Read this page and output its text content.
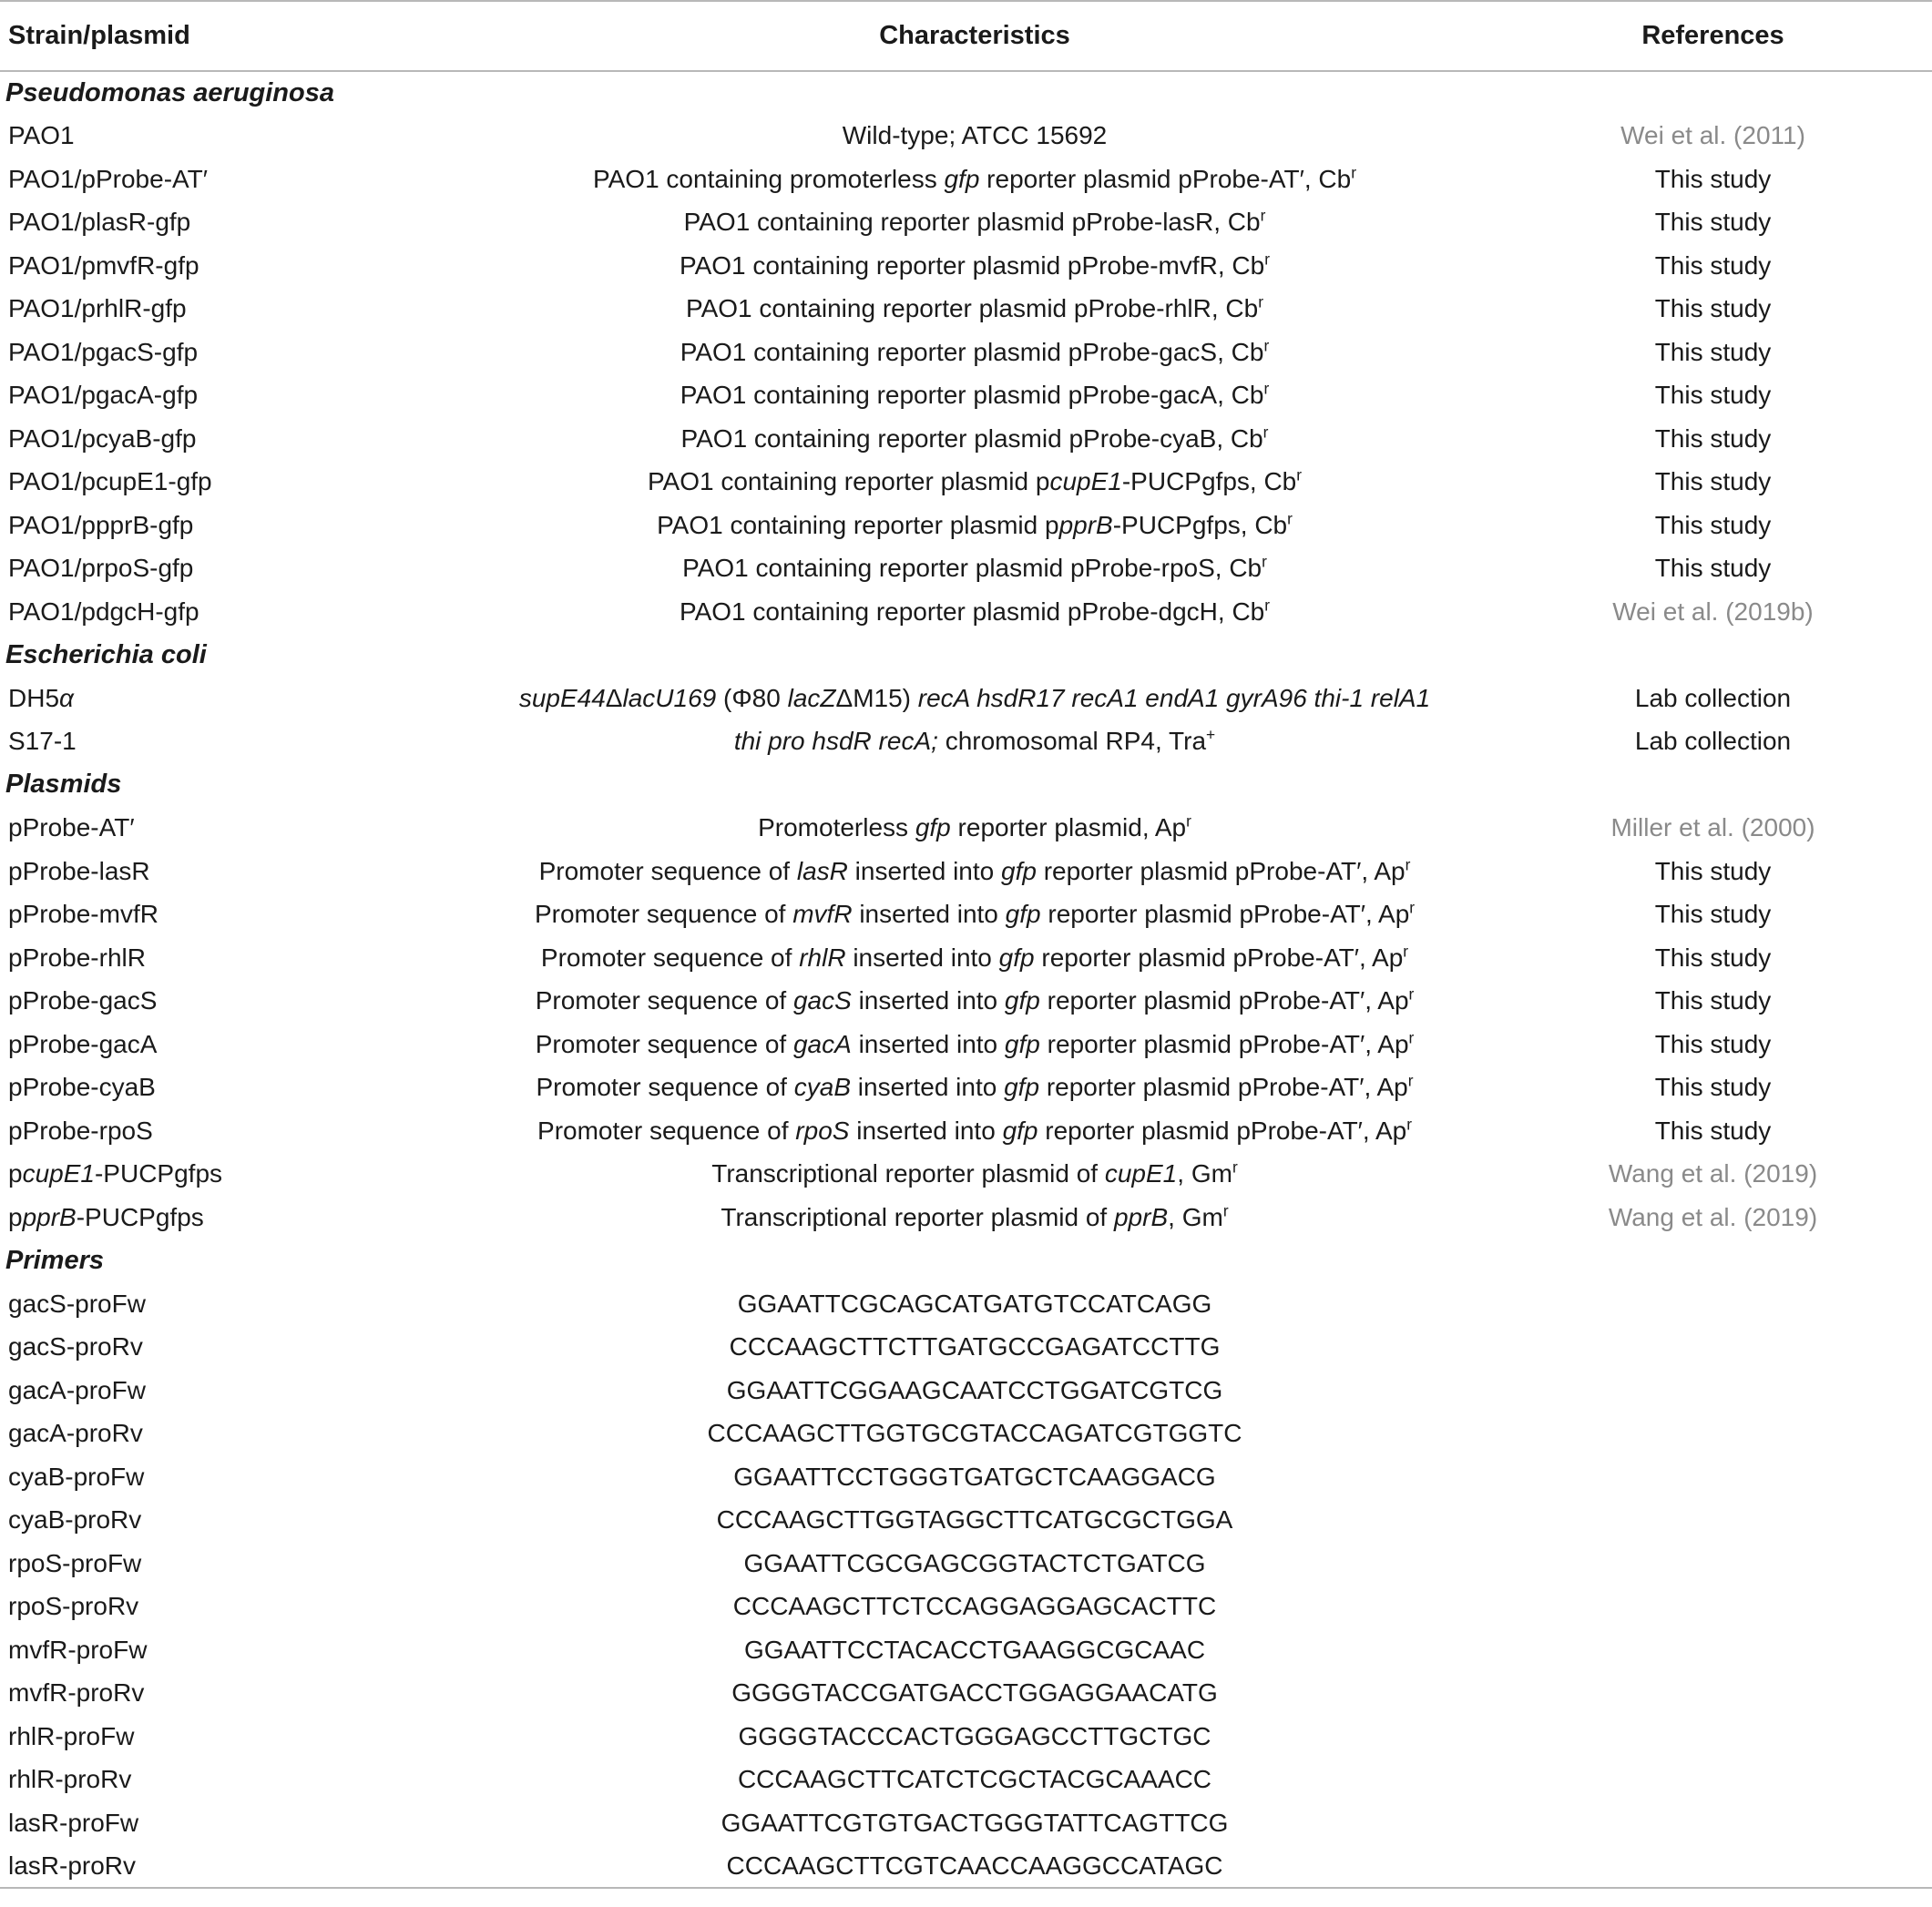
Strain/plasmid	Characteristics	References
Pseudomonas aeruginosa		
PAO1	Wild-type; ATCC 15692	Wei et al. (2011)
PAO1/pProbe-AT′	PAO1 containing promoterless gfp reporter plasmid pProbe-AT′, Cb$^r$	This study
PAO1/plasR-gfp	PAO1 containing reporter plasmid pProbe-lasR, Cb$^r$	This study
PAO1/pmvfR-gfp	PAO1 containing reporter plasmid pProbe-mvfR, Cb$^r$	This study
PAO1/prhlR-gfp	PAO1 containing reporter plasmid pProbe-rhlR, Cb$^r$	This study
PAO1/pgacS-gfp	PAO1 containing reporter plasmid pProbe-gacS, Cb$^r$	This study
PAO1/pgacA-gfp	PAO1 containing reporter plasmid pProbe-gacA, Cb$^r$	This study
PAO1/pcyaB-gfp	PAO1 containing reporter plasmid pProbe-cyaB, Cb$^r$	This study
PAO1/pcupE1-gfp	PAO1 containing reporter plasmid pcupE1-PUCPgfps, Cb$^r$	This study
PAO1/ppprB-gfp	PAO1 containing reporter plasmid ppprB-PUCPgfps, Cb$^r$	This study
PAO1/prpoS-gfp	PAO1 containing reporter plasmid pProbe-rpoS, Cb$^r$	This study
PAO1/pdgcH-gfp	PAO1 containing reporter plasmid pProbe-dgcH, Cb$^r$	Wei et al. (2019b)
Escherichia coli		
DH5α	supE44ΔlacU169 (Φ80 lacZΔM15) recA hsdR17 recA1 endA1 gyrA96 thi-1 relA1	Lab collection
S17-1	thi pro hsdR recA; chromosomal RP4, Tra+	Lab collection
Plasmids		
pProbe-AT′	Promoterless gfp reporter plasmid, Ap$^r$	Miller et al. (2000)
pProbe-lasR	Promoter sequence of lasR inserted into gfp reporter plasmid pProbe-AT′, Ap$^r$	This study
pProbe-mvfR	Promoter sequence of mvfR inserted into gfp reporter plasmid pProbe-AT′, Ap$^r$	This study
pProbe-rhlR	Promoter sequence of rhlR inserted into gfp reporter plasmid pProbe-AT′, Ap$^r$	This study
pProbe-gacS	Promoter sequence of gacS inserted into gfp reporter plasmid pProbe-AT′, Ap$^r$	This study
pProbe-gacA	Promoter sequence of gacA inserted into gfp reporter plasmid pProbe-AT′, Ap$^r$	This study
pProbe-cyaB	Promoter sequence of cyaB inserted into gfp reporter plasmid pProbe-AT′, Ap$^r$	This study
pProbe-rpoS	Promoter sequence of rpoS inserted into gfp reporter plasmid pProbe-AT′, Ap$^r$	This study
pcupE1-PUCPgfps	Transcriptional reporter plasmid of cupE1, Gm$^r$	Wang et al. (2019)
ppprB-PUCPgfps	Transcriptional reporter plasmid of pprB, Gm$^r$	Wang et al. (2019)
Primers		
gacS-proFw	GGAATTCGCAGCATGATGTCCATCAGG	
gacS-proRv	CCCAAGCTTCTTGATGCCGAGATCCTTG	
gacA-proFw	GGAATTCGGAAGCAATCCTGGATCGTCG	
gacA-proRv	CCCAAGCTTGGTGCGTACCAGATCGTGGTC	
cyaB-proFw	GGAATTCCTGGGTGATGCTCAAGGACG	
cyaB-proRv	CCCAAGCTTGGTAGGCTTCATGCGCTGGA	
rpoS-proFw	GGAATTCGCGAGCGGTACTCTGATCG	
rpoS-proRv	CCCAAGCTTCTCCAGGAGGAGCACTTC	
mvfR-proFw	GGAATTCCTACACCTGAAGGCGCAAC	
mvfR-proRv	GGGGTACCGATGACCTGGAGGAACATG	
rhlR-proFw	GGGGTACCCACTGGGAGCCTTGCTGC	
rhlR-proRv	CCCAAGCTTCATCTCGCTACGCAAACC	
lasR-proFw	GGAATTCGTGTGACTGGGTATTCAGTTCG	
lasR-proRv	CCCAAGCTTCGTCAACCAAGGCCATAGC	
